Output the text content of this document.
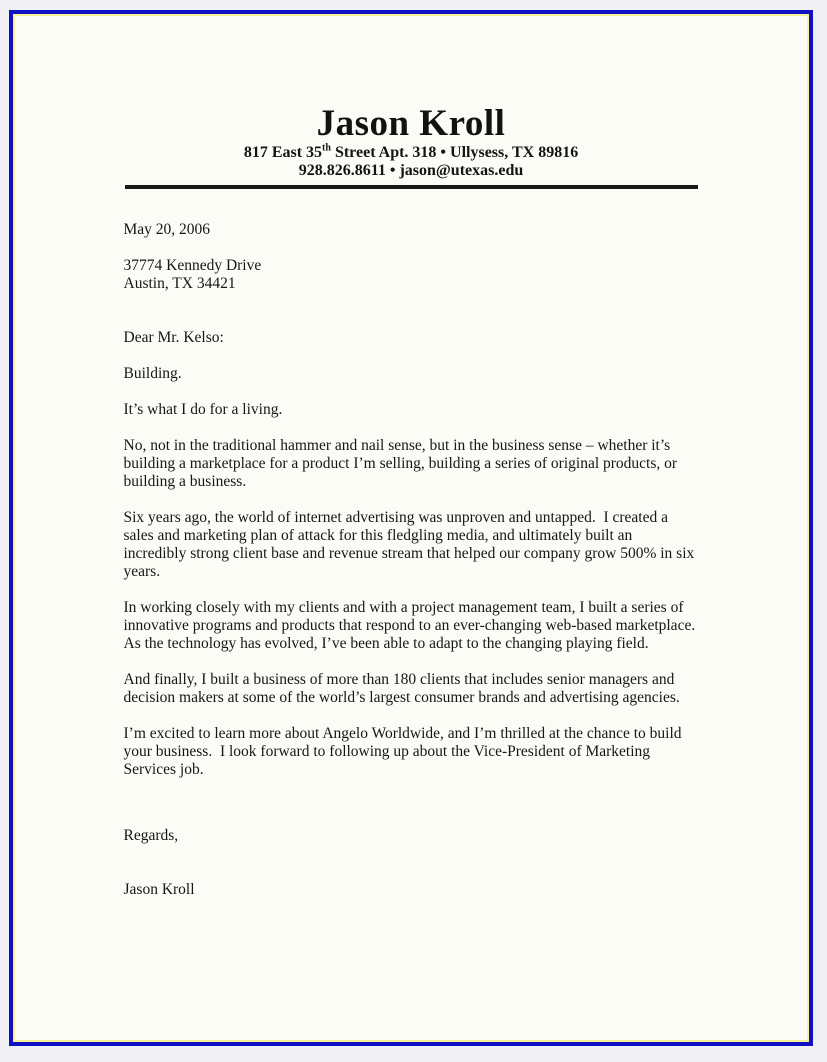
Jason Kroll
817 East 35th Street Apt. 318 • Ullysess, TX 89816
928.826.8611 • jason@utexas.edu

May 20, 2006

37774 Kennedy Drive
Austin, TX 34421

Dear Mr. Kelso:

Building.

It’s what I do for a living.

No, not in the traditional hammer and nail sense, but in the business sense – whether it’s building a marketplace for a product I’m selling, building a series of original products, or building a business.

Six years ago, the world of internet advertising was unproven and untapped.  I created a sales and marketing plan of attack for this fledgling media, and ultimately built an incredibly strong client base and revenue stream that helped our company grow 500% in six years.

In working closely with my clients and with a project management team, I built a series of innovative programs and products that respond to an ever-changing web-based marketplace.  As the technology has evolved, I’ve been able to adapt to the changing playing field.

And finally, I built a business of more than 180 clients that includes senior managers and decision makers at some of the world’s largest consumer brands and advertising agencies.

I’m excited to learn more about Angelo Worldwide, and I’m thrilled at the chance to build your business.  I look forward to following up about the Vice-President of Marketing Services job.

Regards,

Jason Kroll
